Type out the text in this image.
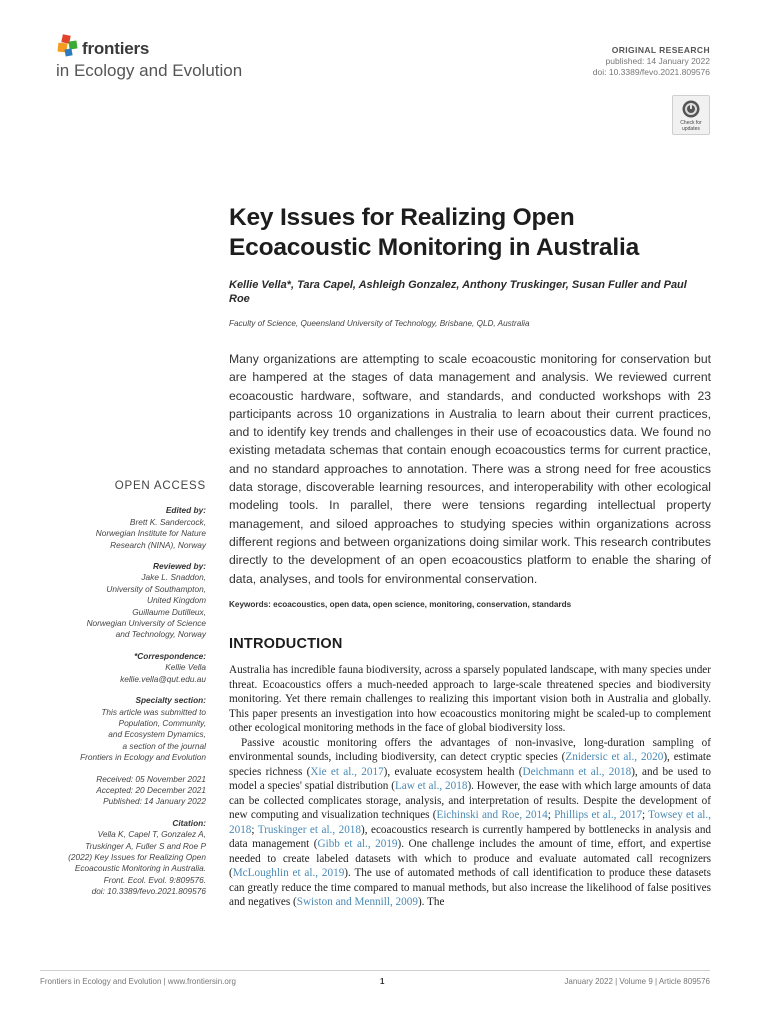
frontiers
in Ecology and Evolution
ORIGINAL RESEARCH
published: 14 January 2022
doi: 10.3389/fevo.2021.809576
Check for updates
Key Issues for Realizing Open Ecoacoustic Monitoring in Australia
Kellie Vella*, Tara Capel, Ashleigh Gonzalez, Anthony Truskinger, Susan Fuller and Paul Roe
Faculty of Science, Queensland University of Technology, Brisbane, QLD, Australia
Many organizations are attempting to scale ecoacoustic monitoring for conservation but are hampered at the stages of data management and analysis. We reviewed current ecoacoustic hardware, software, and standards, and conducted workshops with 23 participants across 10 organizations in Australia to learn about their current practices, and to identify key trends and challenges in their use of ecoacoustics data. We found no existing metadata schemas that contain enough ecoacoustics terms for current practice, and no standard approaches to annotation. There was a strong need for free acoustics data storage, discoverable learning resources, and interoperability with other ecological modeling tools. In parallel, there were tensions regarding intellectual property management, and siloed approaches to studying species within organizations across different regions and between organizations doing similar work. This research contributes directly to the development of an open ecoacoustics platform to enable the sharing of data, analyses, and tools for environmental conservation.
Keywords: ecoacoustics, open data, open science, monitoring, conservation, standards
OPEN ACCESS
Edited by:
Brett K. Sandercock,
Norwegian Institute for Nature
Research (NINA), Norway
Reviewed by:
Jake L. Snaddon,
University of Southampton,
United Kingdom
Guillaume Dutilleux,
Norwegian University of Science
and Technology, Norway
*Correspondence:
Kellie Vella
kellie.vella@qut.edu.au
Specialty section:
This article was submitted to
Population, Community,
and Ecosystem Dynamics,
a section of the journal
Frontiers in Ecology and Evolution
Received: 05 November 2021
Accepted: 20 December 2021
Published: 14 January 2022
Citation:
Vella K, Capel T, Gonzalez A,
Truskinger A, Fuller S and Roe P
(2022) Key Issues for Realizing Open
Ecoacoustic Monitoring in Australia.
Front. Ecol. Evol. 9:809576.
doi: 10.3389/fevo.2021.809576
INTRODUCTION

Australia has incredible fauna biodiversity, across a sparsely populated landscape, with many species under threat. Ecoacoustics offers a much-needed approach to large-scale threatened species and biodiversity monitoring. Yet there remain challenges to realizing this important vision both in Australia and globally. This paper presents an investigation into how ecoacoustics monitoring might be scaled-up to complement other ecological monitoring methods in the face of global biodiversity loss.

Passive acoustic monitoring offers the advantages of non-invasive, long-duration sampling of environmental sounds, including biodiversity, can detect cryptic species (Znidersic et al., 2020), estimate species richness (Xie et al., 2017), evaluate ecosystem health (Deichmann et al., 2018), and be used to model a species' spatial distribution (Law et al., 2018). However, the ease with which large amounts of data can be collected complicates storage, analysis, and interpretation of results. Despite the development of new computing and visualization techniques (Eichinski and Roe, 2014; Phillips et al., 2017; Towsey et al., 2018; Truskinger et al., 2018), ecoacoustics research is currently hampered by bottlenecks in analysis and data management (Gibb et al., 2019). One challenge includes the amount of time, effort, and expertise needed to create labeled datasets with which to produce and evaluate automated call recognizers (McLoughlin et al., 2019). The use of automated methods of call identification to produce these datasets can greatly reduce the time compared to manual methods, but also increase the likelihood of false positives and negatives (Swiston and Mennill, 2009). The

Frontiers in Ecology and Evolution | www.frontiersin.org	1	January 2022 | Volume 9 | Article 809576
